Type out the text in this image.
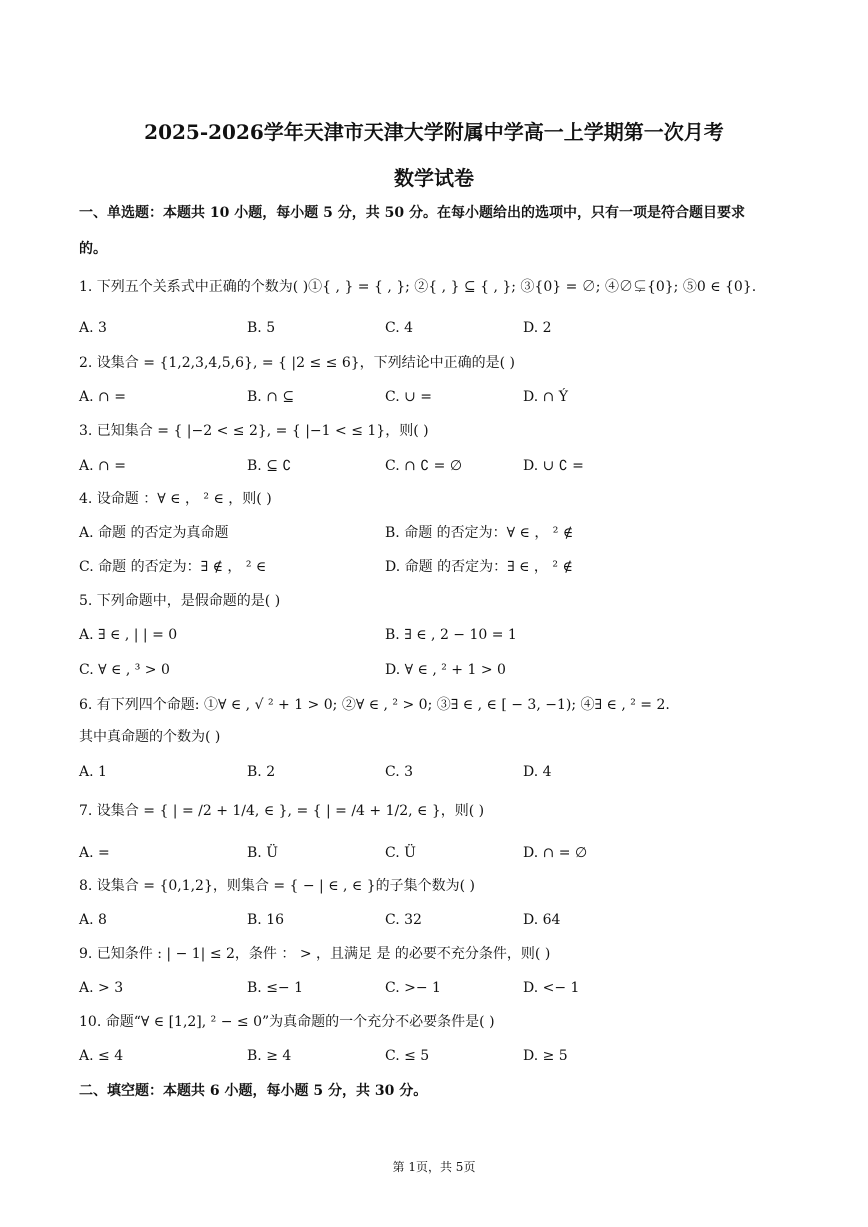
2025-2026学年天津市天津大学附属中学高一上学期第一次月考
数学试卷
一、单选题：本题共 10 小题，每小题 5 分，共 50 分。在每小题给出的选项中，只有一项是符合题目要求
的。
1. 下列五个关系式中正确的个数为( )①{ , } = { , }; ②{ , } ⊆ { , }; ③{0} = ∅; ④∅⊊{0}; ⑤0 ∈ {0}.
A. 3	B. 5	C. 4	D. 2
2. 设集合 = {1,2,3,4,5,6}, = { |2 ≤ ≤ 6}，下列结论中正确的是( )
A. ∩ =	B. ∩ ⊆	C. ∪ =	D. ∩ Ý
3. 已知集合 = { |−2 < ≤ 2}, = { |−1 < ≤ 1}，则( )
A. ∩ =	B. ⊆ ∁	C. ∩ ∁ = ∅	D. ∪ ∁ =
4. 设命题 ：∀ ∈ ， ² ∈ ，则( )
A. 命题 的否定为真命题	B. 命题 的否定为：∀ ∈ ， ² ∉
C. 命题 的否定为：∃ ∉ ， ² ∈	D. 命题 的否定为：∃ ∈ ， ² ∉
5. 下列命题中，是假命题的是( )
A. ∃ ∈ , | | = 0	B. ∃ ∈ , 2 − 10 = 1
C. ∀ ∈ , ³ > 0	D. ∀ ∈ , ² + 1 > 0
6. 有下列四个命题: ①∀ ∈ , √ ² + 1 > 0; ②∀ ∈ , ² > 0; ③∃ ∈ , ∈ [ − 3, −1); ④∃ ∈ , ² = 2.
其中真命题的个数为( )
A. 1	B. 2	C. 3	D. 4
7. 设集合 = { | = ∕2 + 1∕4, ∈ }, = { | = ∕4 + 1∕2, ∈ }，则( )
A. =	B. Ü	C. Ü	D. ∩ = ∅
8. 设集合 = {0,1,2}，则集合 = { − | ∈ , ∈ }的子集个数为( )
A. 8	B. 16	C. 32	D. 64
9. 已知条件 : | − 1| ≤ 2，条件 ： > ，且满足 是 的必要不充分条件，则( )
A. > 3	B. ≤− 1	C. >− 1	D. <− 1
10. 命题“∀ ∈ [1,2], ² − ≤ 0”为真命题的一个充分不必要条件是( )
A. ≤ 4	B. ≥ 4	C. ≤ 5	D. ≥ 5
二、填空题：本题共 6 小题，每小题 5 分，共 30 分。
第 1页，共 5页
